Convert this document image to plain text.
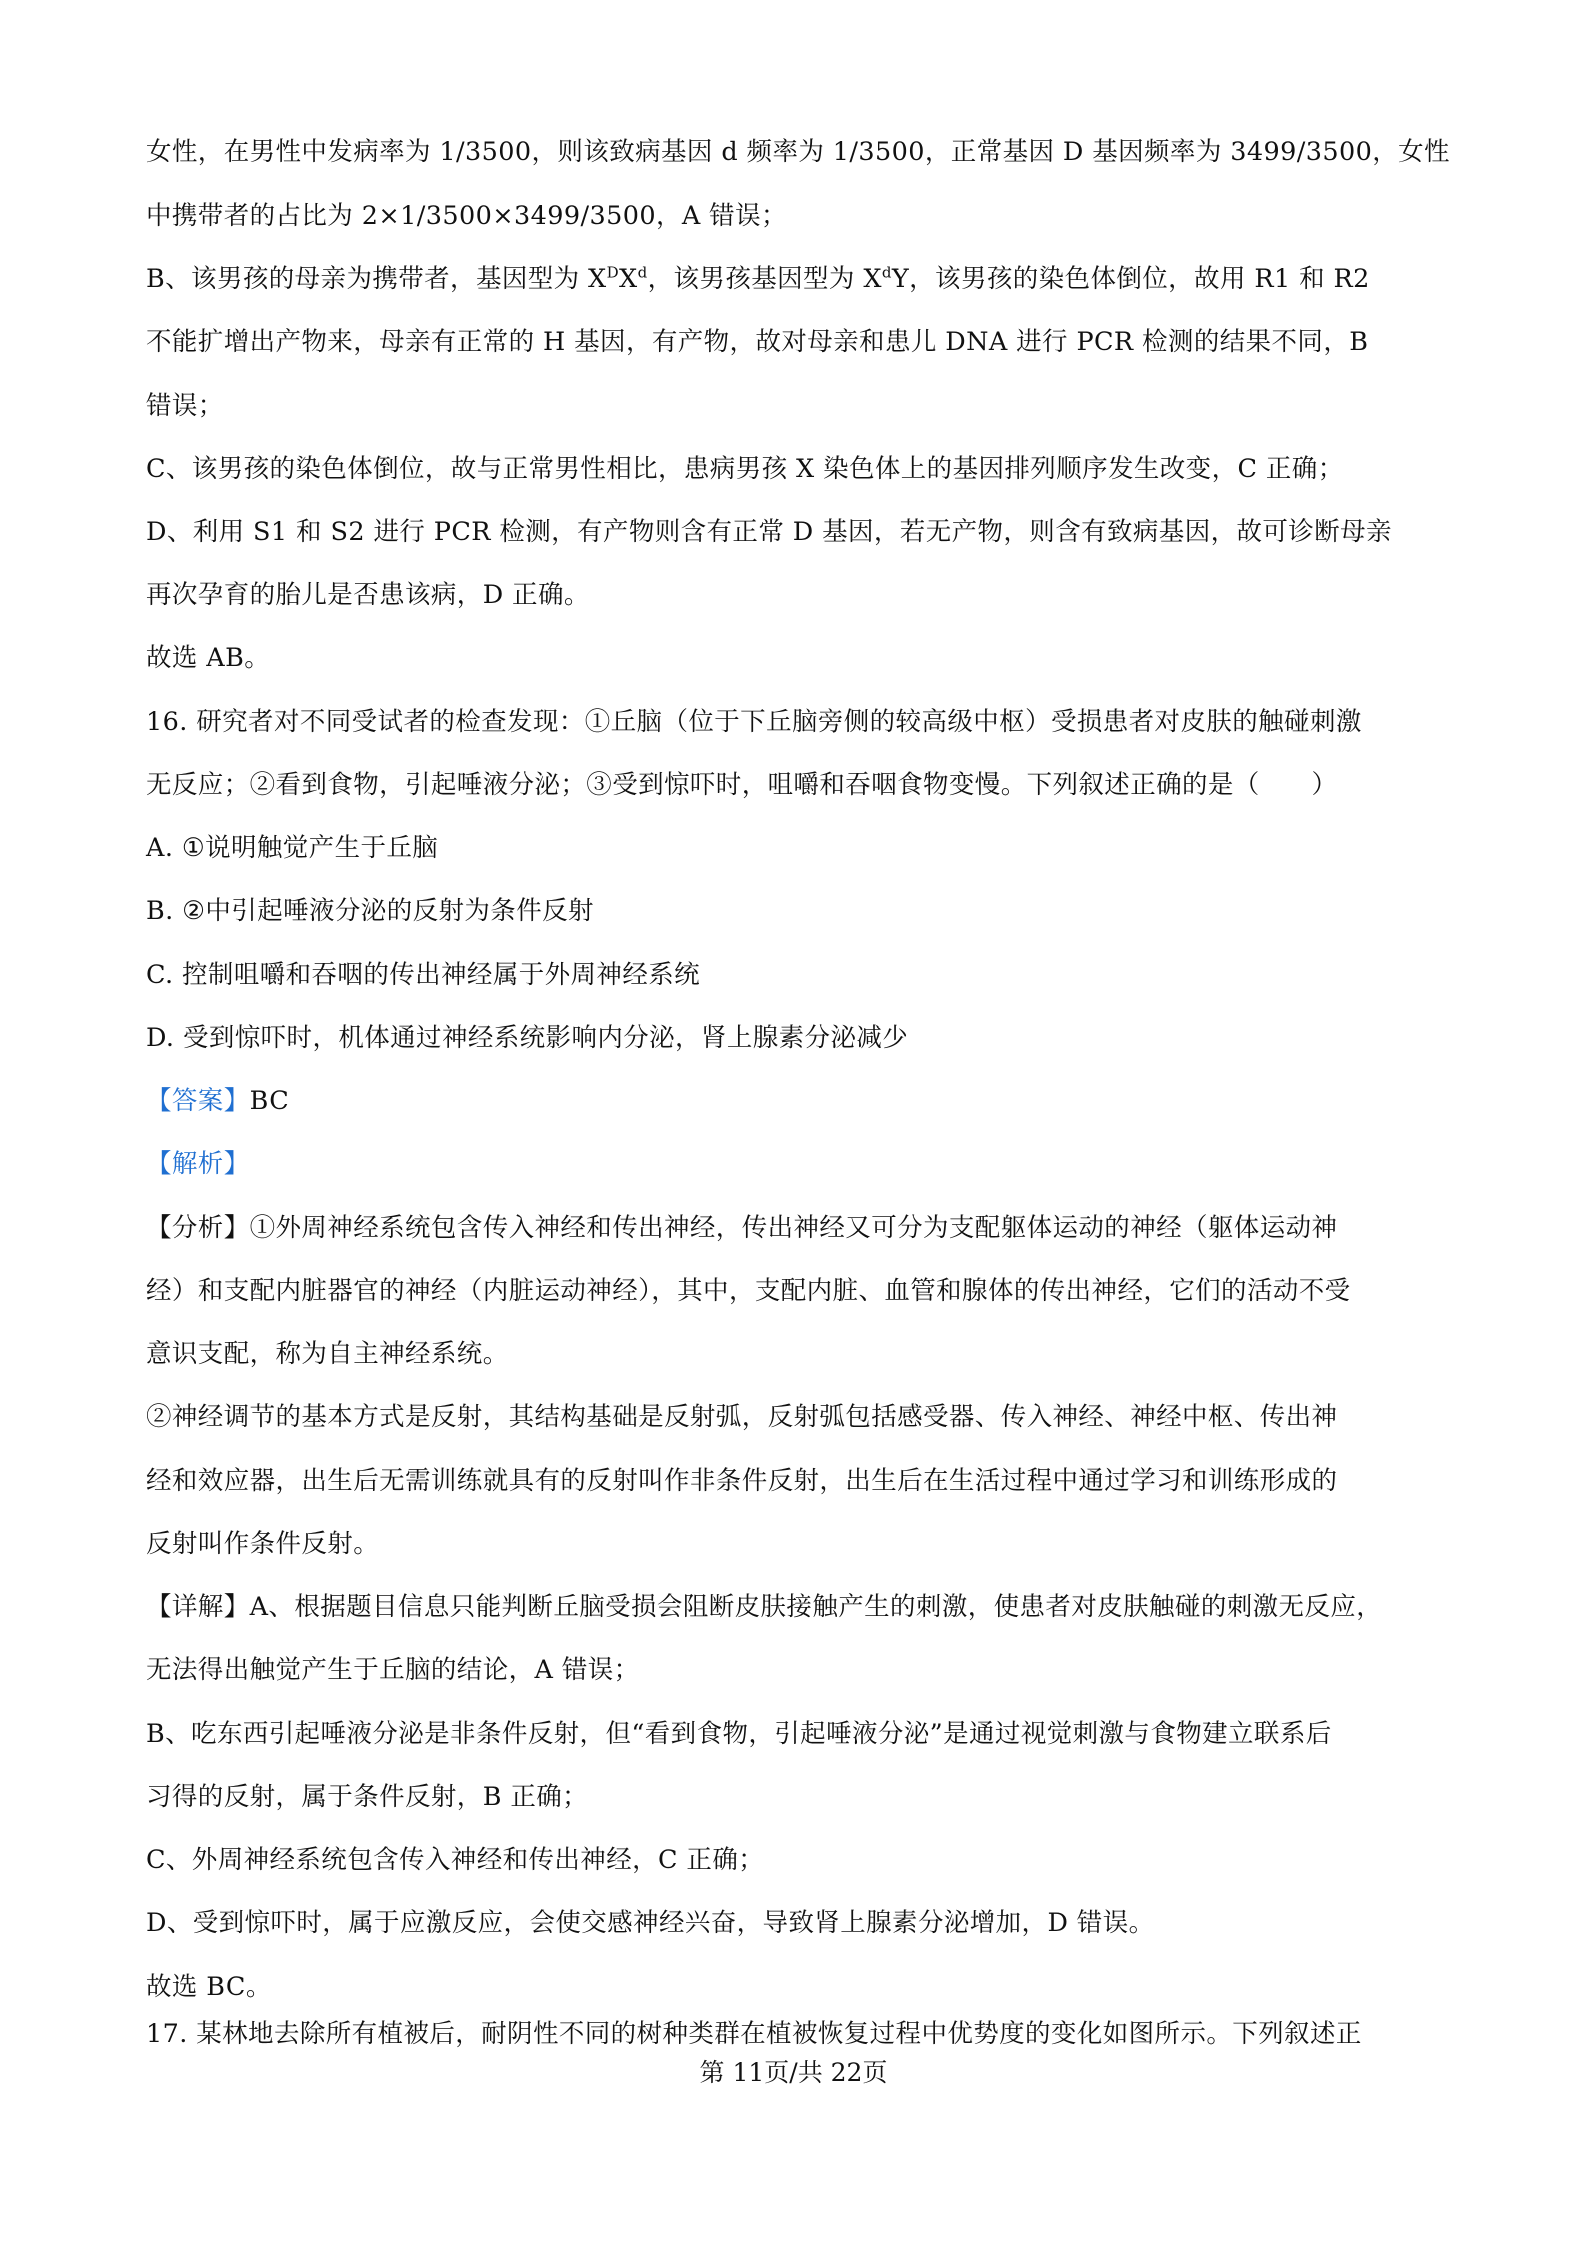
女性，在男性中发病率为 1/3500，则该致病基因 d 频率为 1/3500，正常基因 D 基因频率为 3499/3500，女性
中携带者的占比为 2×1/3500×3499/3500，A 错误；
B、该男孩的母亲为携带者，基因型为 $X^DX^d$，该男孩基因型为 $X^dY$，该男孩的染色体倒位，故用 R1 和 R2
不能扩增出产物来，母亲有正常的 H 基因，有产物，故对母亲和患儿 DNA 进行 PCR 检测的结果不同，B
错误；
C、该男孩的染色体倒位，故与正常男性相比，患病男孩 X 染色体上的基因排列顺序发生改变，C 正确；
D、利用 S1 和 S2 进行 PCR 检测，有产物则含有正常 D 基因，若无产物，则含有致病基因，故可诊断母亲
再次孕育的胎儿是否患该病，D 正确。
故选 AB。
16. 研究者对不同受试者的检查发现：①丘脑（位于下丘脑旁侧的较高级中枢）受损患者对皮肤的触碰刺激
无反应；②看到食物，引起唾液分泌；③受到惊吓时，咀嚼和吞咽食物变慢。下列叙述正确的是（　　）
A. ①说明触觉产生于丘脑
B. ②中引起唾液分泌的反射为条件反射
C. 控制咀嚼和吞咽的传出神经属于外周神经系统
D. 受到惊吓时，机体通过神经系统影响内分泌，肾上腺素分泌减少
【答案】BC
【解析】
【分析】①外周神经系统包含传入神经和传出神经，传出神经又可分为支配躯体运动的神经（躯体运动神
经）和支配内脏器官的神经（内脏运动神经），其中，支配内脏、血管和腺体的传出神经，它们的活动不受
意识支配，称为自主神经系统。
②神经调节的基本方式是反射，其结构基础是反射弧，反射弧包括感受器、传入神经、神经中枢、传出神
经和效应器，出生后无需训练就具有的反射叫作非条件反射，出生后在生活过程中通过学习和训练形成的
反射叫作条件反射。
【详解】A、根据题目信息只能判断丘脑受损会阻断皮肤接触产生的刺激，使患者对皮肤触碰的刺激无反应，
无法得出触觉产生于丘脑的结论，A 错误；
B、吃东西引起唾液分泌是非条件反射，但“看到食物，引起唾液分泌”是通过视觉刺激与食物建立联系后
习得的反射，属于条件反射，B 正确；
C、外周神经系统包含传入神经和传出神经，C 正确；
D、受到惊吓时，属于应激反应，会使交感神经兴奋，导致肾上腺素分泌增加，D 错误。
故选 BC。
17. 某林地去除所有植被后，耐阴性不同的树种类群在植被恢复过程中优势度的变化如图所示。下列叙述正
第 11页/共 22页
